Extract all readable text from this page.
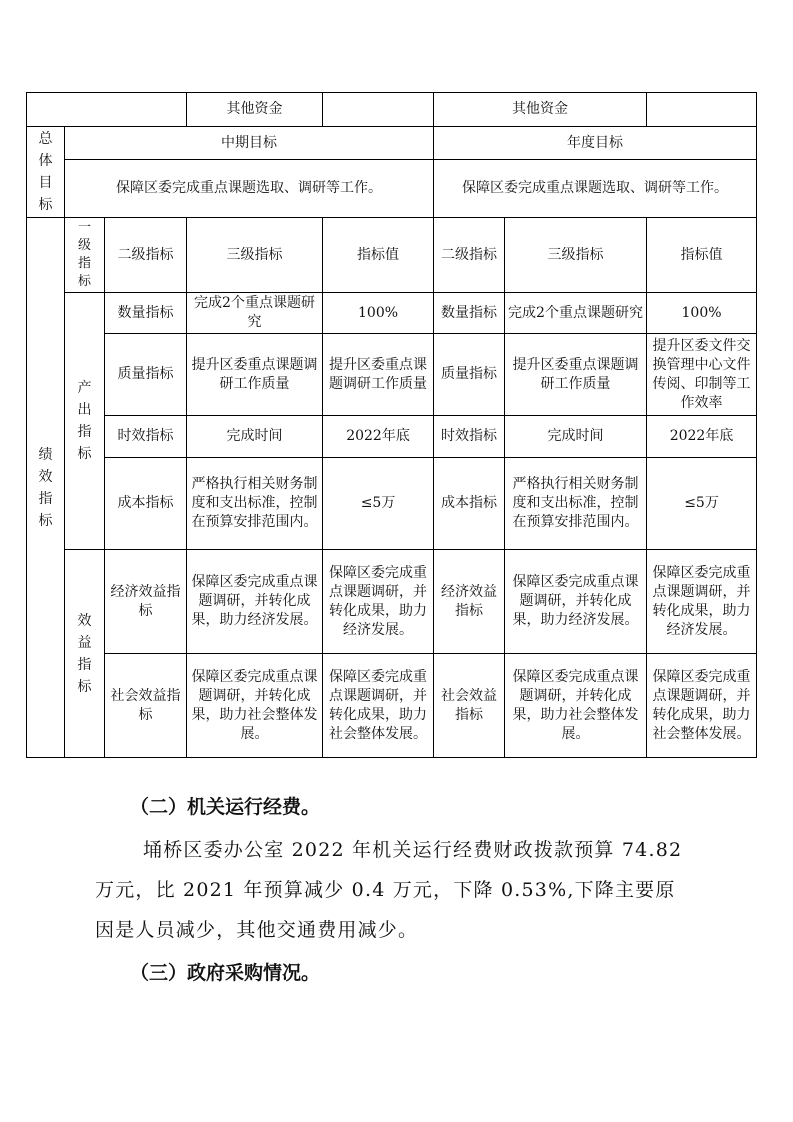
			其他资金		其他资金		

总体目标	中期目标				年度目标		
	保障区委完成重点课题选取、调研等工作。				保障区委完成重点课题选取、调研等工作。		

绩效指标	一级指标	二级指标	三级指标	指标值	二级指标	三级指标	指标值

	产出指标	数量指标	完成2个重点课题研究	100%	数量指标	完成2个重点课题研究	100%
		质量指标	提升区委重点课题调研工作质量	提升区委重点课题调研工作质量	质量指标	提升区委重点课题调研工作质量	提升区委文件交换管理中心文件传阅、印制等工作效率
		时效指标	完成时间	2022年底	时效指标	完成时间	2022年底
		成本指标	严格执行相关财务制度和支出标准，控制在预算安排范围内。	≤5万	成本指标	严格执行相关财务制度和支出标准，控制在预算安排范围内。	≤5万

	效益指标	经济效益指标	保障区委完成重点课题调研，并转化成果，助力经济发展。	保障区委完成重点课题调研，并转化成果，助力经济发展。	经济效益指标	保障区委完成重点课题调研，并转化成果，助力经济发展。	保障区委完成重点课题调研，并转化成果，助力经济发展。
		社会效益指标	保障区委完成重点课题调研，并转化成果，助力社会整体发展。	保障区委完成重点课题调研，并转化成果，助力社会整体发展。	社会效益指标	保障区委完成重点课题调研，并转化成果，助力社会整体发展。	保障区委完成重点课题调研，并转化成果，助力社会整体发展。

（二）机关运行经费。

埇桥区委办公室 2022 年机关运行经费财政拨款预算 74.82 万元，比 2021 年预算减少 0.4 万元，下降 0.53%,下降主要原因是人员减少，其他交通费用减少。

（三）政府采购情况。
